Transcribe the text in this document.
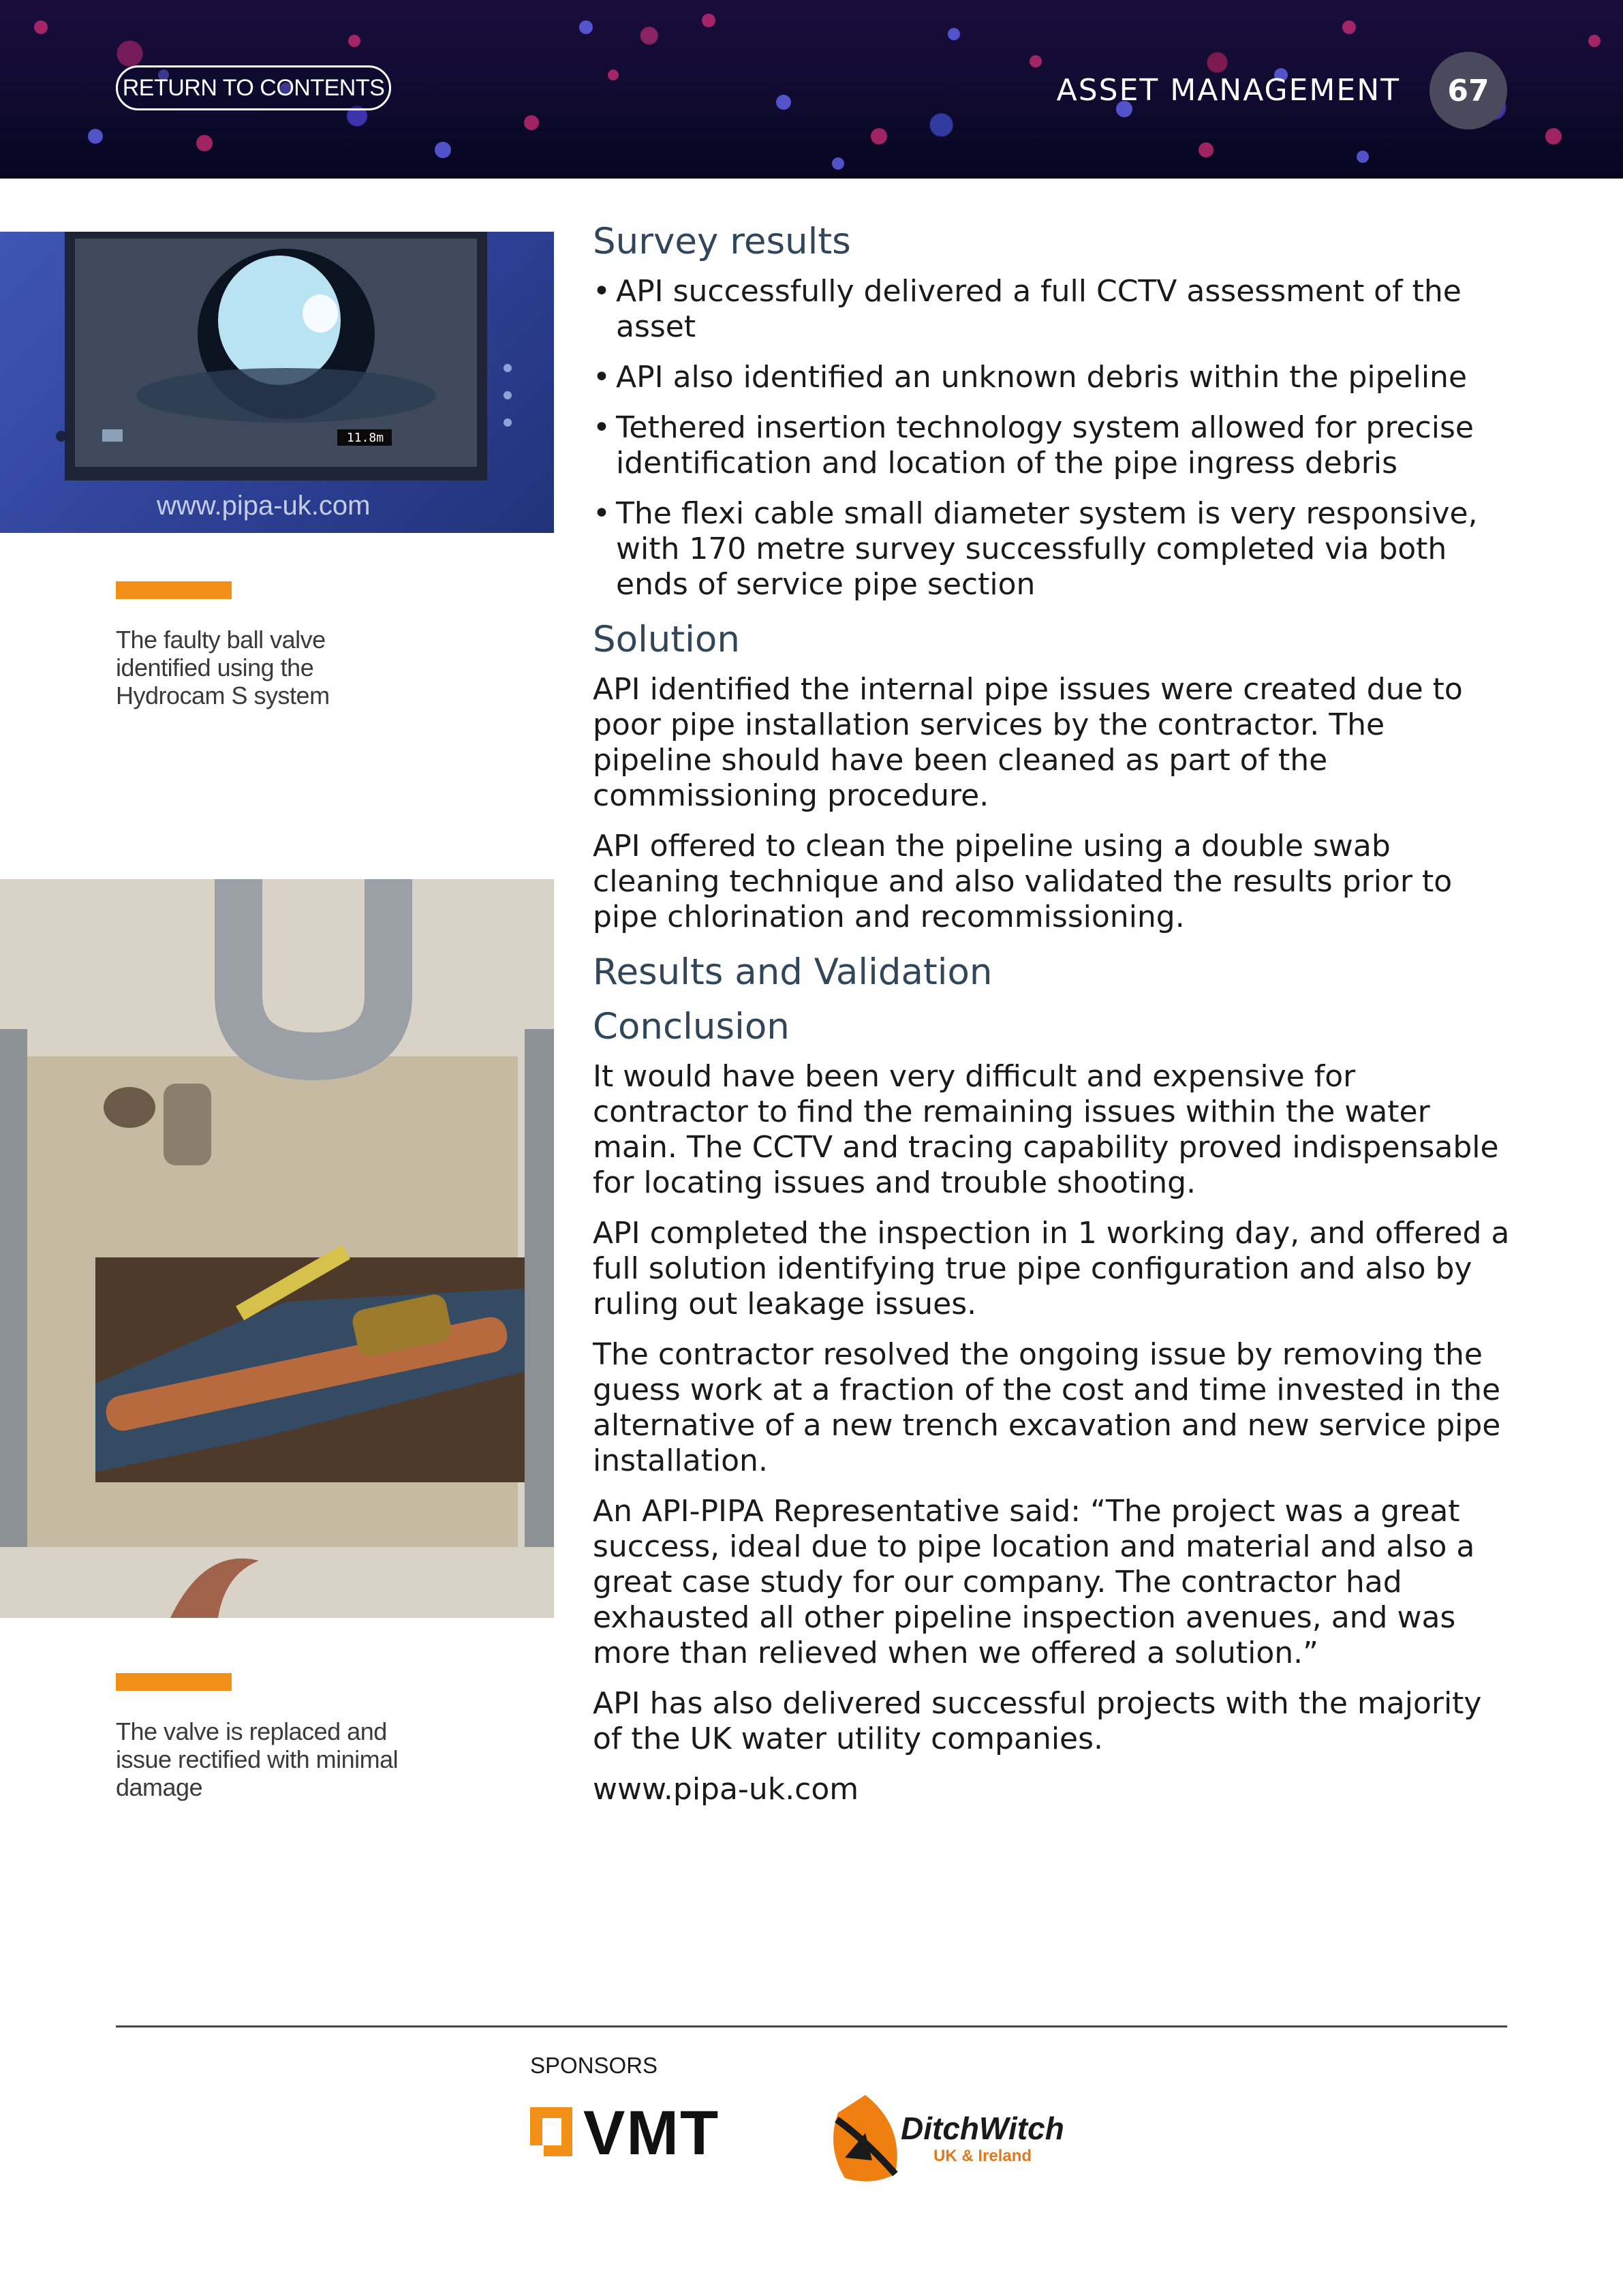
RETURN TO CONTENTS	ASSET MANAGEMENT	67
11.8m
www.pipa-uk.com
The faulty ball valve identified using the Hydrocam S system
The valve is replaced and issue rectified with minimal damage
Survey results
• API successfully delivered a full CCTV assessment of the asset
• API also identified an unknown debris within the pipeline
• Tethered insertion technology system allowed for precise identification and location of the pipe ingress debris
• The flexi cable small diameter system is very responsive, with 170 metre survey successfully completed via both ends of service pipe section
Solution

API identified the internal pipe issues were created due to poor pipe installation services by the contractor. The pipeline should have been cleaned as part of the commissioning procedure.

API offered to clean the pipeline using a double swab cleaning technique and also validated the results prior to pipe chlorination and recommissioning.

Results and Validation
Conclusion

It would have been very difficult and expensive for contractor to find the remaining issues within the water main. The CCTV and tracing capability proved indispensable for locating issues and trouble shooting.

API completed the inspection in 1 working day, and offered a full solution identifying true pipe configuration and also by ruling out leakage issues.

The contractor resolved the ongoing issue by removing the guess work at a fraction of the cost and time invested in the alternative of a new trench excavation and new service pipe installation.

An API-PIPA Representative said: “The project was a great success, ideal due to pipe location and material and also a great case study for our company. The contractor had exhausted all other pipeline inspection avenues, and was more than relieved when we offered a solution.”

API has also delivered successful projects with the majority of the UK water utility companies.

www.pipa-uk.com

SPONSORS
VMT	DitchWitch
UK & Ireland
